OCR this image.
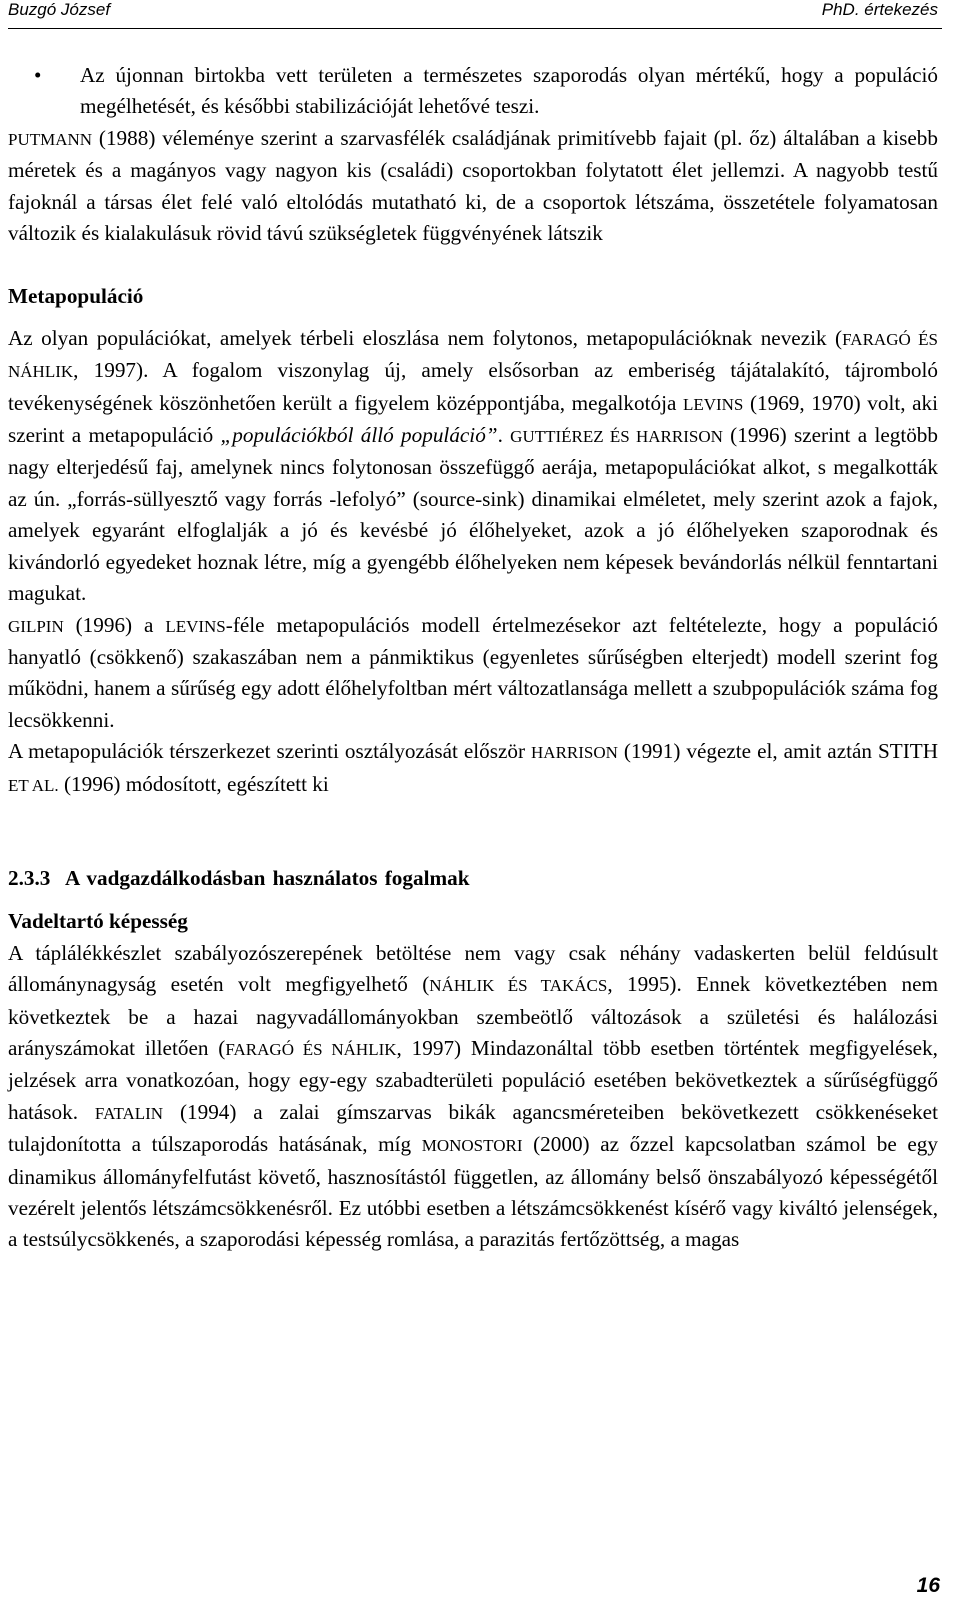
Buzgó József	PhD. értekezés

• Az újonnan birtokba vett területen a természetes szaporodás olyan mértékű, hogy a populáció megélhetését, és későbbi stabilizációját lehetővé teszi.

PUTMANN (1988) véleménye szerint a szarvasfélék családjának primitívebb fajait (pl. őz) általában a kisebb méretek és a magányos vagy nagyon kis (családi) csoportokban folytatott élet jellemzi. A nagyobb testű fajoknál a társas élet felé való eltolódás mutatható ki, de a csoportok létszáma, összetétele folyamatosan változik és kialakulásuk rövid távú szükségletek függvényének látszik

Metapopuláció

Az olyan populációkat, amelyek térbeli eloszlása nem folytonos, metapopulációknak nevezik (FARAGÓ ÉS NÁHLIK, 1997). A fogalom viszonylag új, amely elsősorban az emberiség tájátalakító, tájromboló tevékenységének köszönhetően került a figyelem középpontjába, megalkotója LEVINS (1969, 1970) volt, aki szerint a metapopuláció „populációkból álló populáció”. GUTTIÉREZ ÉS HARRISON (1996) szerint a legtöbb nagy elterjedésű faj, amelynek nincs folytonosan összefüggő aerája, metapopulációkat alkot, s megalkották az ún. „forrás-süllyesztő vagy forrás -lefolyó” (source-sink) dinamikai elméletet, mely szerint azok a fajok, amelyek egyaránt elfoglalják a jó és kevésbé jó élőhelyeket, azok a jó élőhelyeken szaporodnak és kivándorló egyedeket hoznak létre, míg a gyengébb élőhelyeken nem képesek bevándorlás nélkül fenntartani magukat.

GILPIN (1996) a LEVINS-féle metapopulációs modell értelmezésekor azt feltételezte, hogy a populáció hanyatló (csökkenő) szakaszában nem a pánmiktikus (egyenletes sűrűségben elterjedt) modell szerint fog működni, hanem a sűrűség egy adott élőhelyfoltban mért változatlansága mellett a szubpopulációk száma fog lecsökkenni.

A metapopulációk térszerkezet szerinti osztályozását először HARRISON (1991) végezte el, amit aztán STITH ET AL. (1996) módosított, egészített ki

2.3.3 A vadgazdálkodásban használatos fogalmak

Vadeltartó képesség

A táplálékkészlet szabályozószerepének betöltése nem vagy csak néhány vadaskerten belül feldúsult állománynagyság esetén volt megfigyelhető (NÁHLIK ÉS TAKÁCS, 1995). Ennek következtében nem következtek be a hazai nagyvadállományokban szembeötlő változások a születési és halálozási arányszámokat illetően (FARAGÓ ÉS NÁHLIK, 1997) Mindazonáltal több esetben történtek megfigyelések, jelzések arra vonatkozóan, hogy egy-egy szabadterületi populáció esetében bekövetkeztek a sűrűségfüggő hatások. FATALIN (1994) a zalai gímszarvas bikák agancsméreteiben bekövetkezett csökkenéseket tulajdonította a túlszaporodás hatásának, míg MONOSTORI (2000) az őzzel kapcsolatban számol be egy dinamikus állományfelfutást követő, hasznosítástól független, az állomány belső önszabályozó képességétől vezérelt jelentős létszámcsökkenésről. Ez utóbbi esetben a létszámcsökkenést kísérő vagy kiváltó jelenségek, a testsúlycsökkenés, a szaporodási képesség romlása, a parazitás fertőzöttség, a magas

16
